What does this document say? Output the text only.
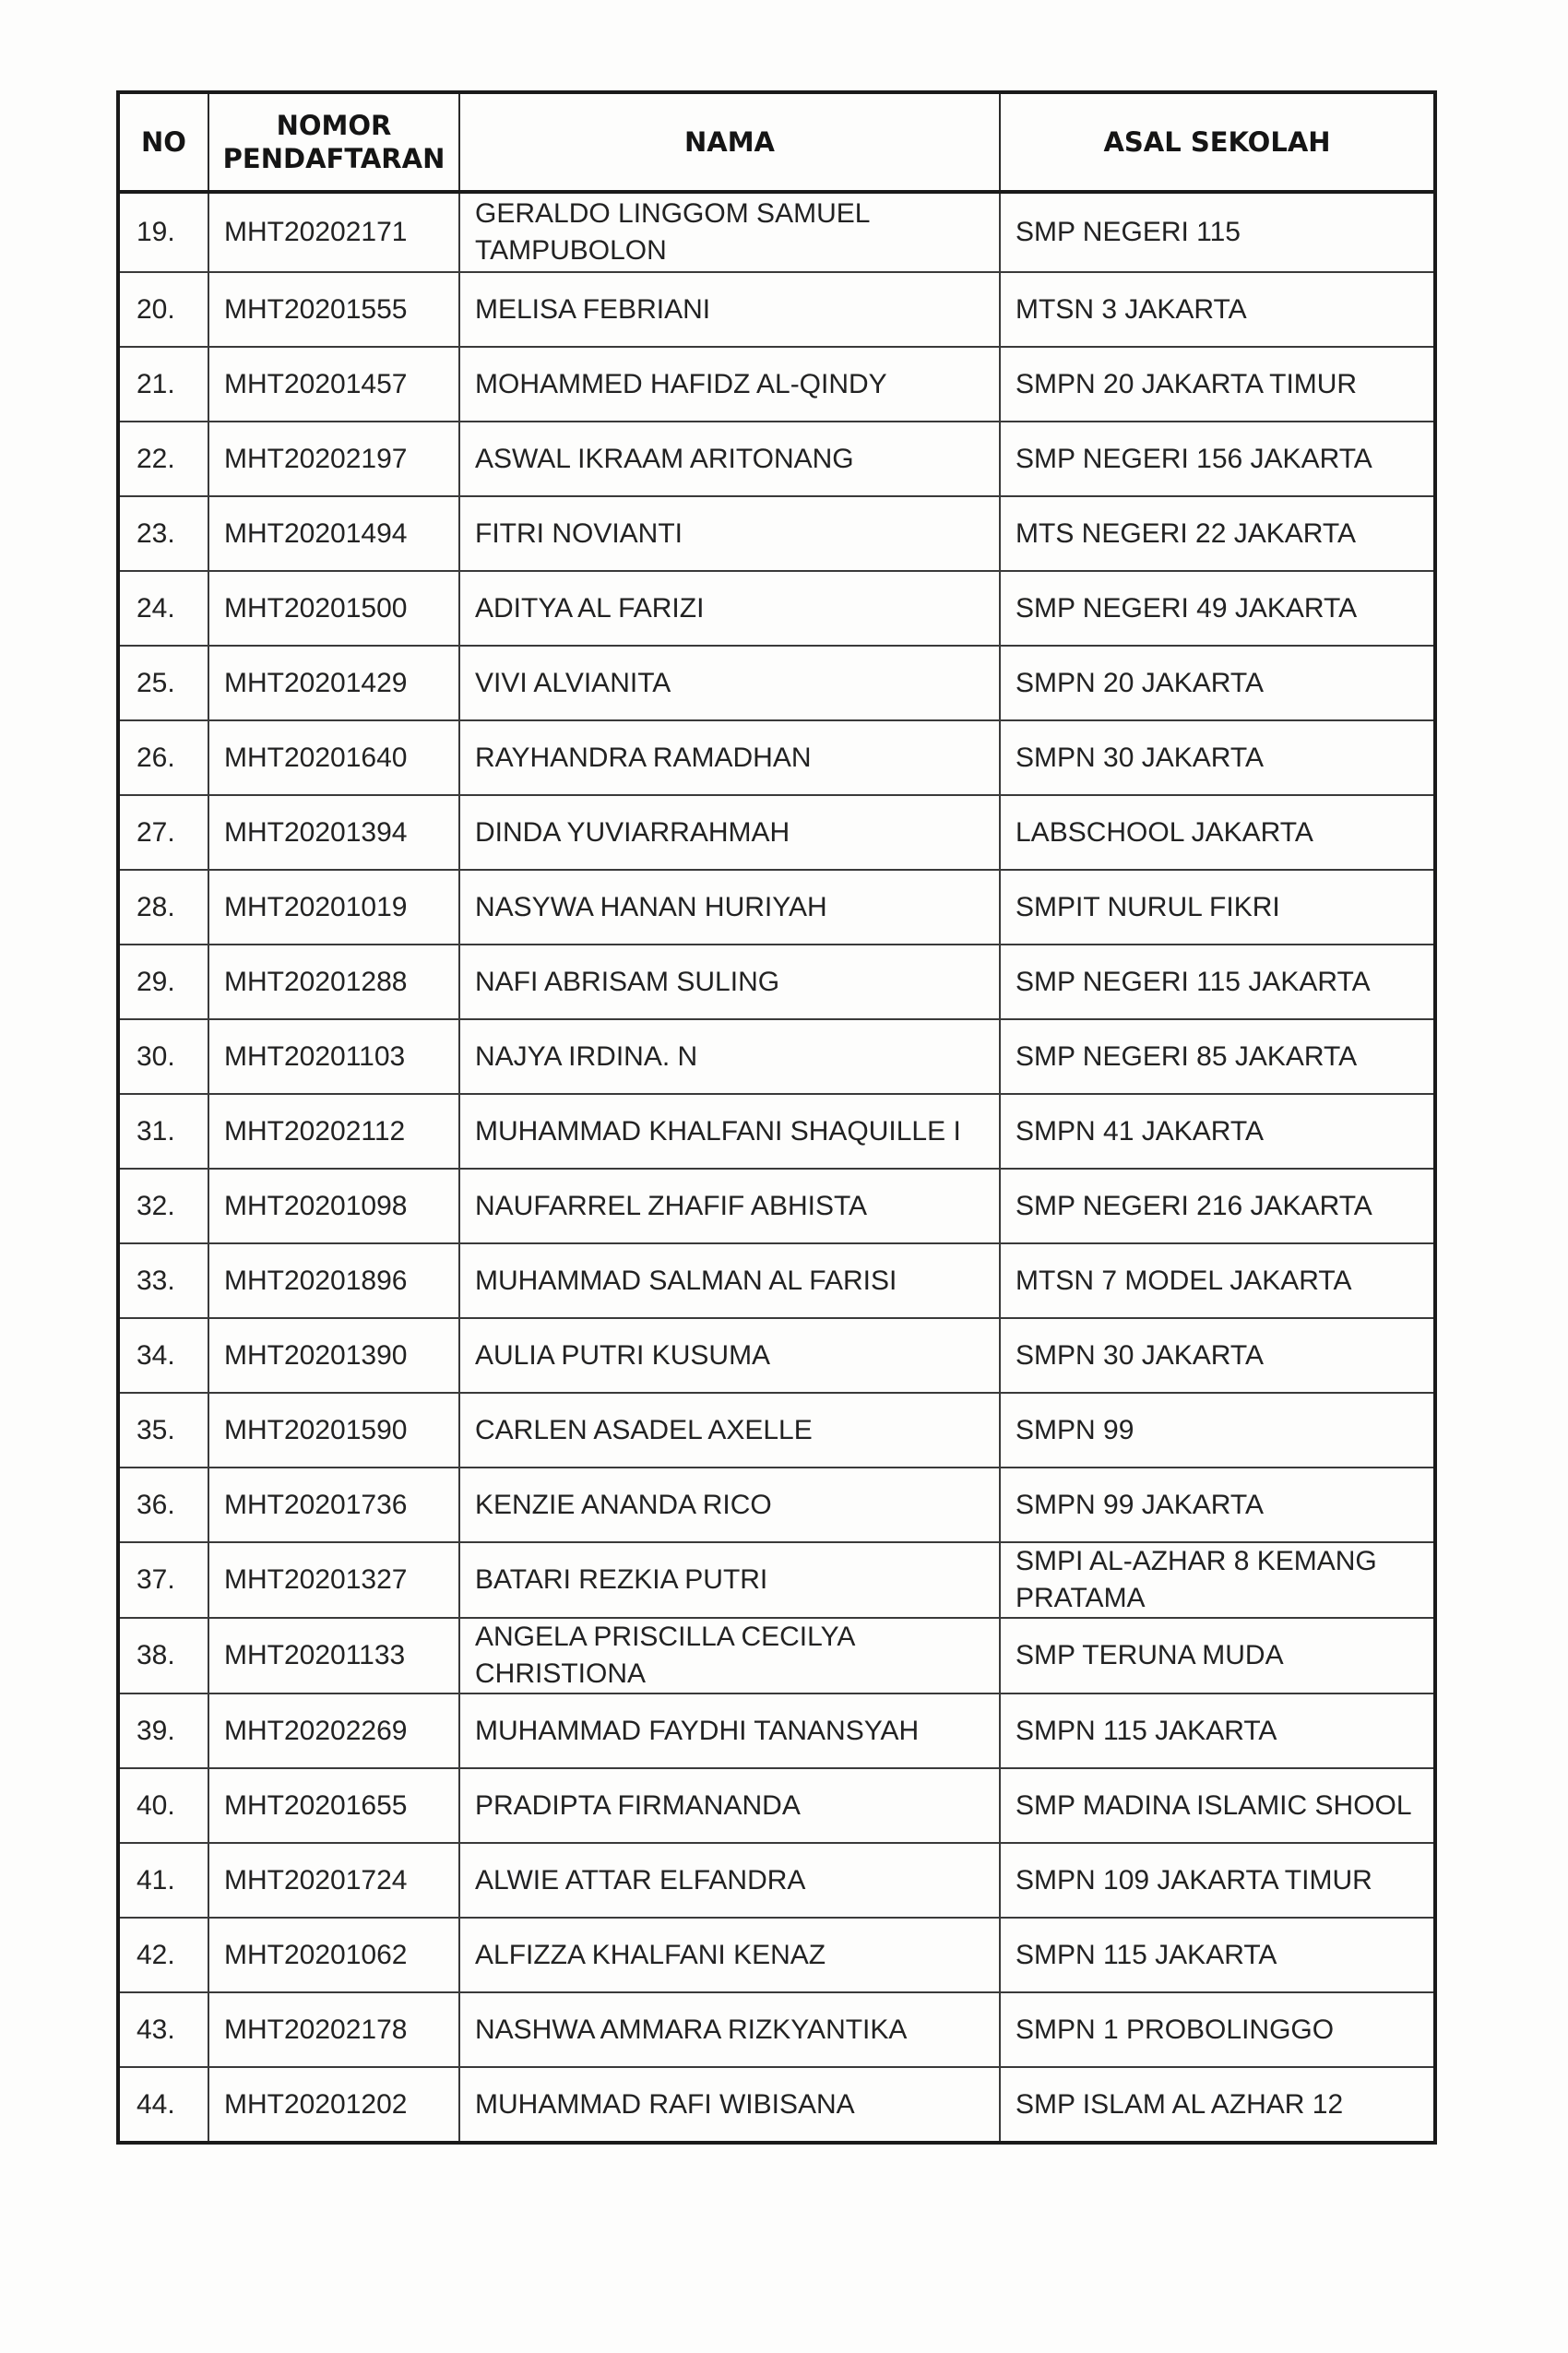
NO	NOMOR PENDAFTARAN	NAMA	ASAL SEKOLAH
19.	MHT20202171	GERALDO LINGGOM SAMUEL TAMPUBOLON	SMP NEGERI 115
20.	MHT20201555	MELISA FEBRIANI	MTSN 3 JAKARTA
21.	MHT20201457	MOHAMMED HAFIDZ AL-QINDY	SMPN 20 JAKARTA TIMUR
22.	MHT20202197	ASWAL IKRAAM ARITONANG	SMP NEGERI 156 JAKARTA
23.	MHT20201494	FITRI NOVIANTI	MTS NEGERI 22 JAKARTA
24.	MHT20201500	ADITYA AL FARIZI	SMP NEGERI 49 JAKARTA
25.	MHT20201429	VIVI ALVIANITA	SMPN 20 JAKARTA
26.	MHT20201640	RAYHANDRA RAMADHAN	SMPN 30 JAKARTA
27.	MHT20201394	DINDA YUVIARRAHMAH	LABSCHOOL JAKARTA
28.	MHT20201019	NASYWA HANAN HURIYAH	SMPIT NURUL FIKRI
29.	MHT20201288	NAFI ABRISAM SULING	SMP NEGERI 115 JAKARTA
30.	MHT20201103	NAJYA IRDINA. N	SMP NEGERI 85 JAKARTA
31.	MHT20202112	MUHAMMAD KHALFANI SHAQUILLE I	SMPN 41 JAKARTA
32.	MHT20201098	NAUFARREL ZHAFIF ABHISTA	SMP NEGERI 216 JAKARTA
33.	MHT20201896	MUHAMMAD SALMAN AL FARISI	MTSN 7 MODEL JAKARTA
34.	MHT20201390	AULIA PUTRI KUSUMA	SMPN 30 JAKARTA
35.	MHT20201590	CARLEN ASADEL AXELLE	SMPN 99
36.	MHT20201736	KENZIE ANANDA RICO	SMPN 99 JAKARTA
37.	MHT20201327	BATARI REZKIA PUTRI	SMPI AL-AZHAR 8 KEMANG PRATAMA
38.	MHT20201133	ANGELA PRISCILLA CECILYA CHRISTIONA	SMP TERUNA MUDA
39.	MHT20202269	MUHAMMAD FAYDHI TANANSYAH	SMPN 115 JAKARTA
40.	MHT20201655	PRADIPTA FIRMANANDA	SMP MADINA ISLAMIC SHOOL
41.	MHT20201724	ALWIE ATTAR ELFANDRA	SMPN 109 JAKARTA TIMUR
42.	MHT20201062	ALFIZZA KHALFANI KENAZ	SMPN 115 JAKARTA
43.	MHT20202178	NASHWA AMMARA RIZKYANTIKA	SMPN 1 PROBOLINGGO
44.	MHT20201202	MUHAMMAD RAFI WIBISANA	SMP ISLAM AL AZHAR 12
